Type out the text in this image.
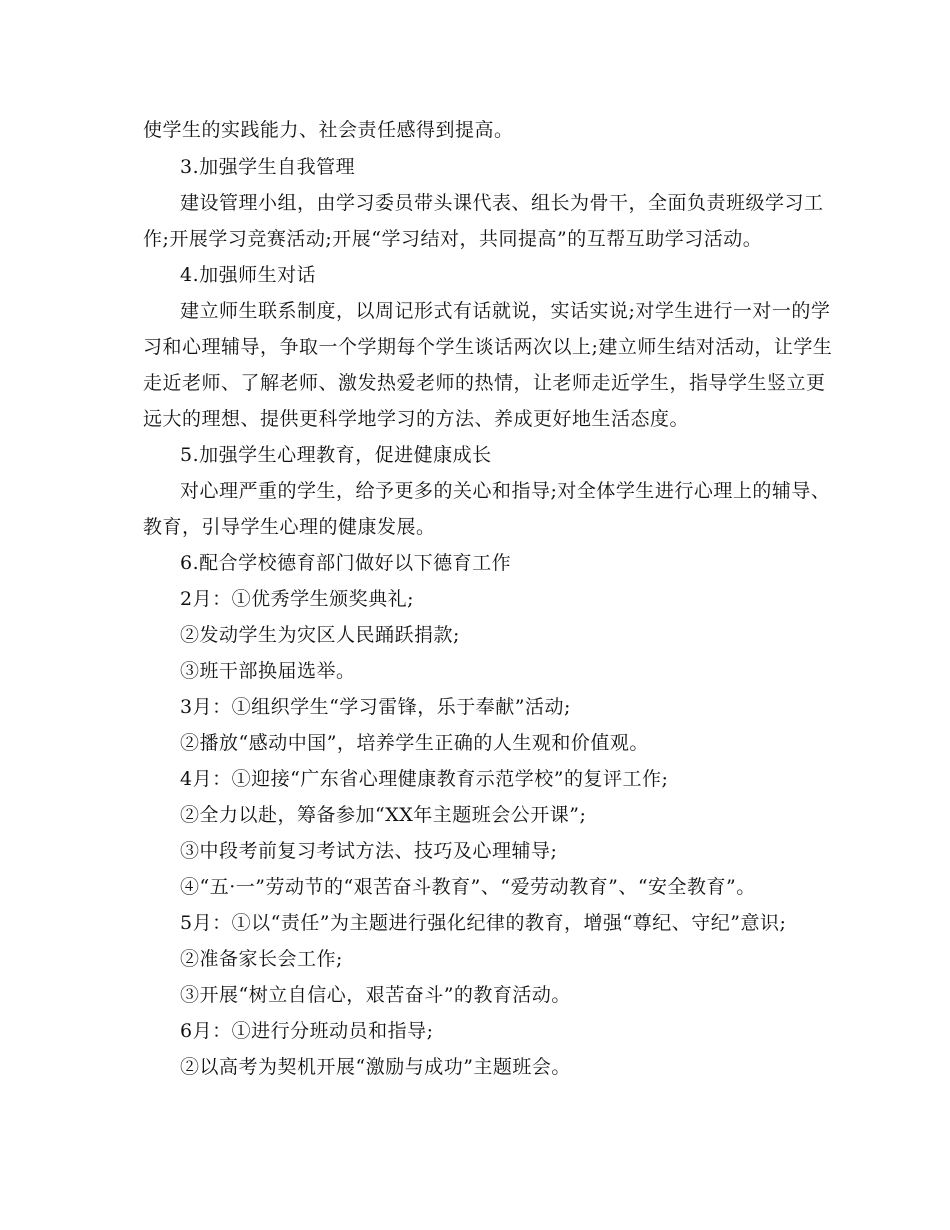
使学生的实践能力、社会责任感得到提高。
3.加强学生自我管理
建设管理小组，由学习委员带头课代表、组长为骨干，全面负责班级学习工
作;开展学习竞赛活动;开展“学习结对，共同提高”的互帮互助学习活动。
4.加强师生对话
建立师生联系制度，以周记形式有话就说，实话实说;对学生进行一对一的学
习和心理辅导，争取一个学期每个学生谈话两次以上;建立师生结对活动，让学生
走近老师、了解老师、激发热爱老师的热情，让老师走近学生，指导学生竖立更
远大的理想、提供更科学地学习的方法、养成更好地生活态度。
5.加强学生心理教育，促进健康成长
对心理严重的学生，给予更多的关心和指导;对全体学生进行心理上的辅导、
教育，引导学生心理的健康发展。
6.配合学校德育部门做好以下德育工作
2月：①优秀学生颁奖典礼;
②发动学生为灾区人民踊跃捐款;
③班干部换届选举。
3月：①组织学生“学习雷锋，乐于奉献”活动;
②播放“感动中国”，培养学生正确的人生观和价值观。
4月：①迎接“广东省心理健康教育示范学校”的复评工作;
②全力以赴，筹备参加“XX年主题班会公开课”;
③中段考前复习考试方法、技巧及心理辅导;
④“五·一”劳动节的“艰苦奋斗教育”、“爱劳动教育”、“安全教育”。
5月：①以“责任”为主题进行强化纪律的教育，增强“尊纪、守纪”意识;
②准备家长会工作;
③开展“树立自信心，艰苦奋斗”的教育活动。
6月：①进行分班动员和指导;
②以高考为契机开展“激励与成功”主题班会。
